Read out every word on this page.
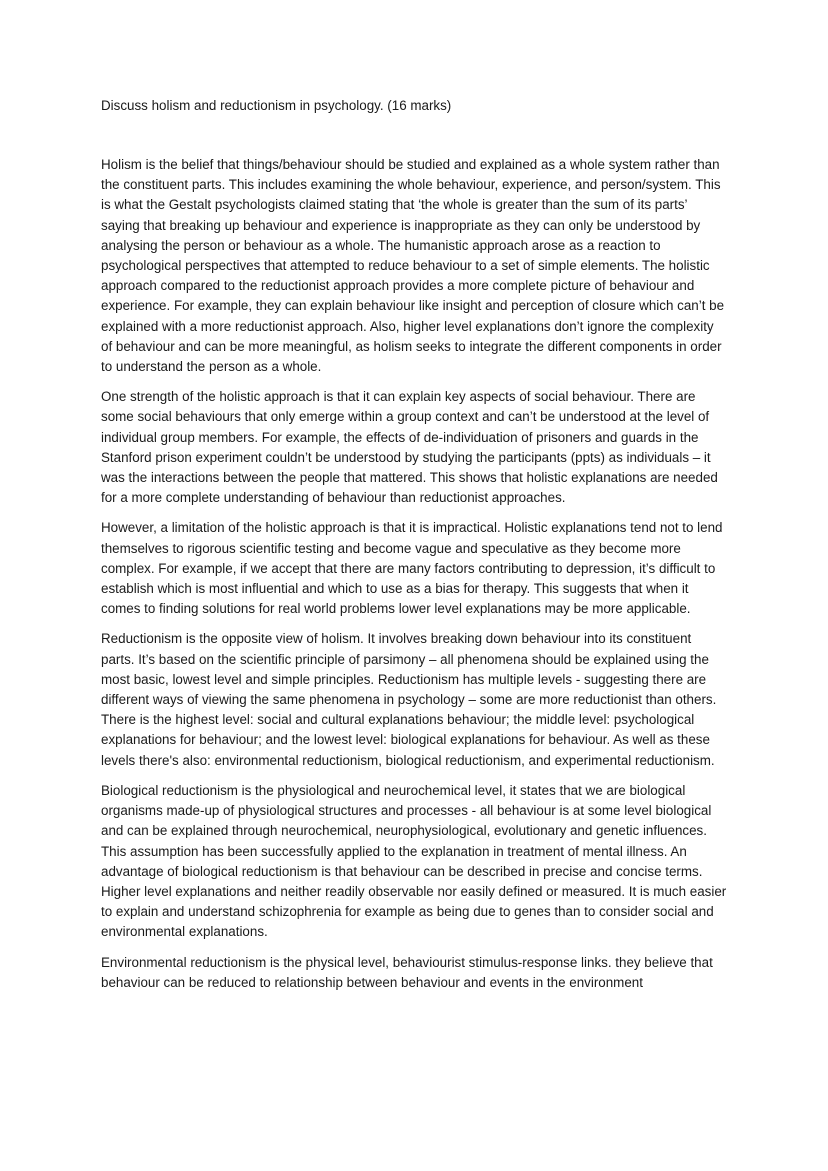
Discuss holism and reductionism in psychology. (16 marks)

Holism is the belief that things/behaviour should be studied and explained as a whole system rather than the constituent parts. This includes examining the whole behaviour, experience, and person/system. This is what the Gestalt psychologists claimed stating that ‘the whole is greater than the sum of its parts’ saying that breaking up behaviour and experience is inappropriate as they can only be understood by analysing the person or behaviour as a whole. The humanistic approach arose as a reaction to psychological perspectives that attempted to reduce behaviour to a set of simple elements. The holistic approach compared to the reductionist approach provides a more complete picture of behaviour and experience. For example, they can explain behaviour like insight and perception of closure which can’t be explained with a more reductionist approach. Also, higher level explanations don’t ignore the complexity of behaviour and can be more meaningful, as holism seeks to integrate the different components in order to understand the person as a whole.

One strength of the holistic approach is that it can explain key aspects of social behaviour. There are some social behaviours that only emerge within a group context and can’t be understood at the level of individual group members. For example, the effects of de-individuation of prisoners and guards in the Stanford prison experiment couldn’t be understood by studying the participants (ppts) as individuals – it was the interactions between the people that mattered. This shows that holistic explanations are needed for a more complete understanding of behaviour than reductionist approaches.

However, a limitation of the holistic approach is that it is impractical. Holistic explanations tend not to lend themselves to rigorous scientific testing and become vague and speculative as they become more complex. For example, if we accept that there are many factors contributing to depression, it’s difficult to establish which is most influential and which to use as a bias for therapy. This suggests that when it comes to finding solutions for real world problems lower level explanations may be more applicable.

Reductionism is the opposite view of holism. It involves breaking down behaviour into its constituent parts. It’s based on the scientific principle of parsimony – all phenomena should be explained using the most basic, lowest level and simple principles. Reductionism has multiple levels - suggesting there are different ways of viewing the same phenomena in psychology – some are more reductionist than others. There is the highest level: social and cultural explanations behaviour; the middle level: psychological explanations for behaviour; and the lowest level: biological explanations for behaviour. As well as these levels there's also: environmental reductionism, biological reductionism, and experimental reductionism.

Biological reductionism is the physiological and neurochemical level, it states that we are biological organisms made-up of physiological structures and processes - all behaviour is at some level biological and can be explained through neurochemical, neurophysiological, evolutionary and genetic influences. This assumption has been successfully applied to the explanation in treatment of mental illness. An advantage of biological reductionism is that behaviour can be described in precise and concise terms. Higher level explanations and neither readily observable nor easily defined or measured. It is much easier to explain and understand schizophrenia for example as being due to genes than to consider social and environmental explanations.

Environmental reductionism is the physical level, behaviourist stimulus-response links. they believe that behaviour can be reduced to relationship between behaviour and events in the environment
